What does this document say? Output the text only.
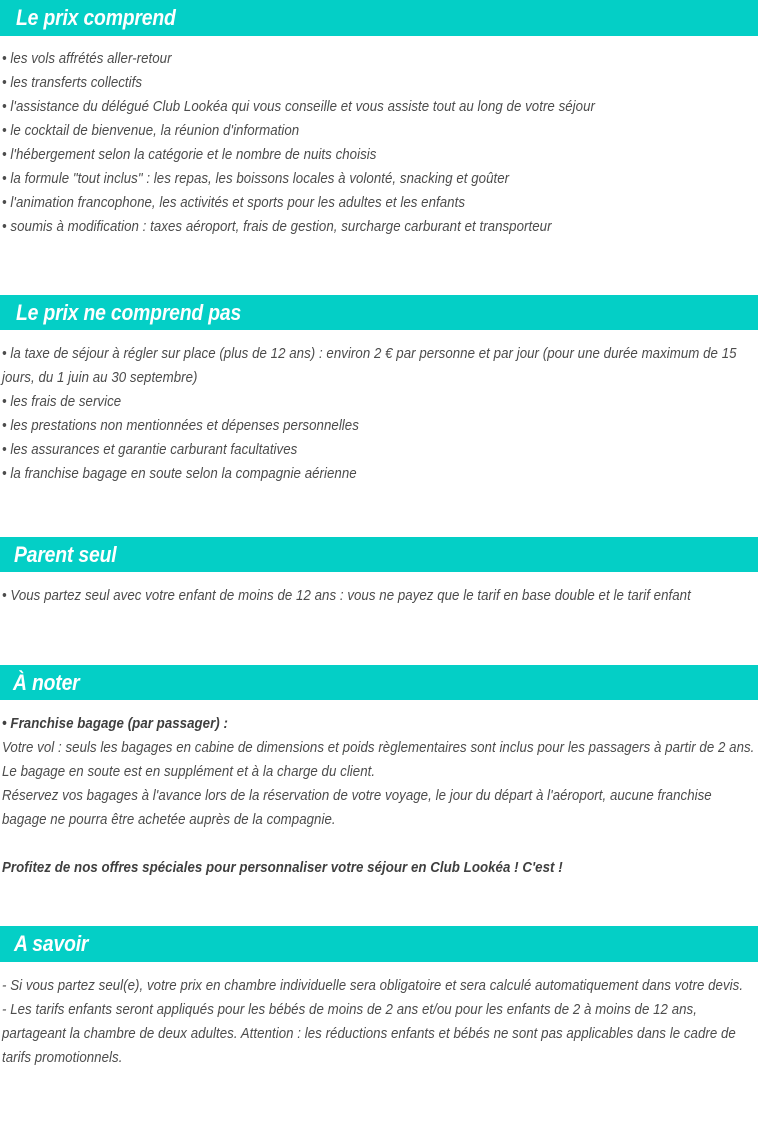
Le prix comprend
• les vols affrétés aller-retour
• les transferts collectifs
• l'assistance du délégué Club Lookéa qui vous conseille et vous assiste tout au long de votre séjour
• le cocktail de bienvenue, la réunion d'information
• l'hébergement selon la catégorie et le nombre de nuits choisis
• la formule "tout inclus" : les repas, les boissons locales à volonté, snacking et goûter
• l'animation francophone, les activités et sports pour les adultes et les enfants
• soumis à modification : taxes aéroport, frais de gestion, surcharge carburant et transporteur
Le prix ne comprend pas
• la taxe de séjour à régler sur place (plus de 12 ans) : environ 2 € par personne et par jour (pour une durée maximum de 15 jours, du 1 juin au 30 septembre)
• les frais de service
• les prestations non mentionnées et dépenses personnelles
• les assurances et garantie carburant facultatives
• la franchise bagage en soute selon la compagnie aérienne
Parent seul
• Vous partez seul avec votre enfant de moins de 12 ans : vous ne payez que le tarif en base double et le tarif enfant
À noter
• Franchise bagage (par passager) :
Votre vol : seuls les bagages en cabine de dimensions et poids règlementaires sont inclus pour les passagers à partir de 2 ans.
Le bagage en soute est en supplément et à la charge du client.
Réservez vos bagages à l'avance lors de la réservation de votre voyage, le jour du départ à l'aéroport, aucune franchise bagage ne pourra être achetée auprès de la compagnie.
Profitez de nos offres spéciales pour personnaliser votre séjour en Club Lookéa ! C'est !
A savoir
- Si vous partez seul(e), votre prix en chambre individuelle sera obligatoire et sera calculé automatiquement dans votre devis.
- Les tarifs enfants seront appliqués pour les bébés de moins de 2 ans et/ou pour les enfants de 2 à moins de 12 ans, partageant la chambre de deux adultes. Attention : les réductions enfants et bébés ne sont pas applicables dans le cadre de tarifs promotionnels.
